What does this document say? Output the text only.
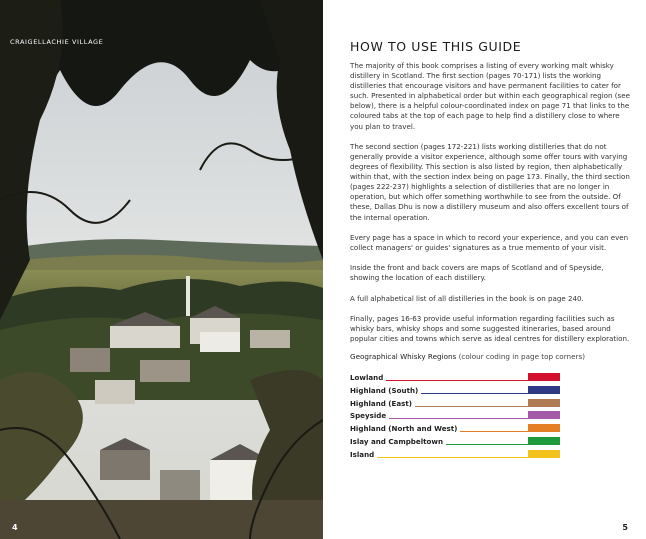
CRAIGELLACHIE VILLAGE
4
HOW TO USE THIS GUIDE

The majority of this book comprises a listing of every working malt whisky distillery in Scotland. The first section (pages 70-171) lists the working distilleries that encourage visitors and have permanent facilities to cater for such. Presented in alphabetical order but within each geographical region (see below), there is a helpful colour-coordinated index on page 71 that links to the coloured tabs at the top of each page to help find a distillery close to where you plan to travel.

The second section (pages 172-221) lists working distilleries that do not generally provide a visitor experience, although some offer tours with varying degrees of flexibility. This section is also listed by region, then alphabetically within that, with the section index being on page 173. Finally, the third section (pages 222-237) highlights a selection of distilleries that are no longer in operation, but which offer something worthwhile to see from the outside. Of these, Dallas Dhu is now a distillery museum and also offers excellent tours of the internal operation.

Every page has a space in which to record your experience, and you can even collect managers' or guides' signatures as a true memento of your visit.

Inside the front and back covers are maps of Scotland and of Speyside, showing the location of each distillery.

A full alphabetical list of all distilleries in the book is on page 240.

Finally, pages 16-63 provide useful information regarding facilities such as whisky bars, whisky shops and some suggested itineraries, based around popular cities and towns which serve as ideal centres for distillery exploration.

Geographical Whisky Regions (colour coding in page top corners)
Lowland
Highland (South)
Highland (East)
Speyside
Highland (North and West)
Islay and Campbeltown
Island
5
